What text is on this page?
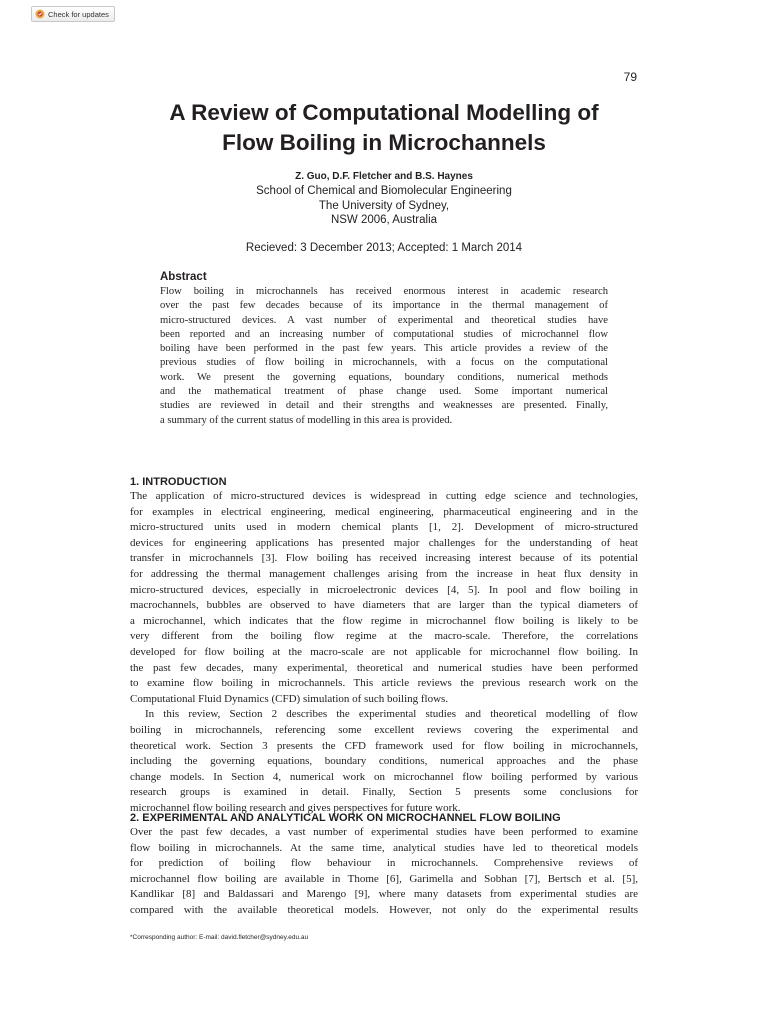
Check for updates
79
A Review of Computational Modelling of
Flow Boiling in Microchannels
Z. Guo, D.F. Fletcher and B.S. Haynes
School of Chemical and Biomolecular Engineering
The University of Sydney,
NSW 2006, Australia
Recieved: 3 December 2013; Accepted: 1 March 2014
Abstract
Flow boiling in microchannels has received enormous interest in academic research
over the past few decades because of its importance in the thermal management of
micro-structured devices. A vast number of experimental and theoretical studies have
been reported and an increasing number of computational studies of microchannel flow
boiling have been performed in the past few years. This article provides a review of the
previous studies of flow boiling in microchannels, with a focus on the computational
work. We present the governing equations, boundary conditions, numerical methods
and the mathematical treatment of phase change used. Some important numerical
studies are reviewed in detail and their strengths and weaknesses are presented. Finally,
a summary of the current status of modelling in this area is provided.
1. INTRODUCTION
The application of micro-structured devices is widespread in cutting edge science and technologies,
for examples in electrical engineering, medical engineering, pharmaceutical engineering and in the
micro-structured units used in modern chemical plants [1, 2]. Development of micro-structured
devices for engineering applications has presented major challenges for the understanding of heat
transfer in microchannels [3]. Flow boiling has received increasing interest because of its potential
for addressing the thermal management challenges arising from the increase in heat flux density in
micro-structured devices, especially in microelectronic devices [4, 5]. In pool and flow boiling in
macrochannels, bubbles are observed to have diameters that are larger than the typical diameters of
a microchannel, which indicates that the flow regime in microchannel flow boiling is likely to be
very different from the boiling flow regime at the macro-scale. Therefore, the correlations
developed for flow boiling at the macro-scale are not applicable for microchannel flow boiling. In
the past few decades, many experimental, theoretical and numerical studies have been performed
to examine flow boiling in microchannels. This article reviews the previous research work on the
Computational Fluid Dynamics (CFD) simulation of such boiling flows.
In this review, Section 2 describes the experimental studies and theoretical modelling of flow
boiling in microchannels, referencing some excellent reviews covering the experimental and
theoretical work. Section 3 presents the CFD framework used for flow boiling in microchannels,
including the governing equations, boundary conditions, numerical approaches and the phase
change models. In Section 4, numerical work on microchannel flow boiling performed by various
research groups is examined in detail. Finally, Section 5 presents some conclusions for
microchannel flow boiling research and gives perspectives for future work.
2. EXPERIMENTAL AND ANALYTICAL WORK ON MICROCHANNEL FLOW BOILING
Over the past few decades, a vast number of experimental studies have been performed to examine
flow boiling in microchannels. At the same time, analytical studies have led to theoretical models
for prediction of boiling flow behaviour in microchannels. Comprehensive reviews of
microchannel flow boiling are available in Thome [6], Garimella and Sobhan [7], Bertsch et al. [5],
Kandlikar [8] and Baldassari and Marengo [9], where many datasets from experimental studies are
compared with the available theoretical models. However, not only do the experimental results
*Corresponding author: E-mail: david.fletcher@sydney.edu.au
